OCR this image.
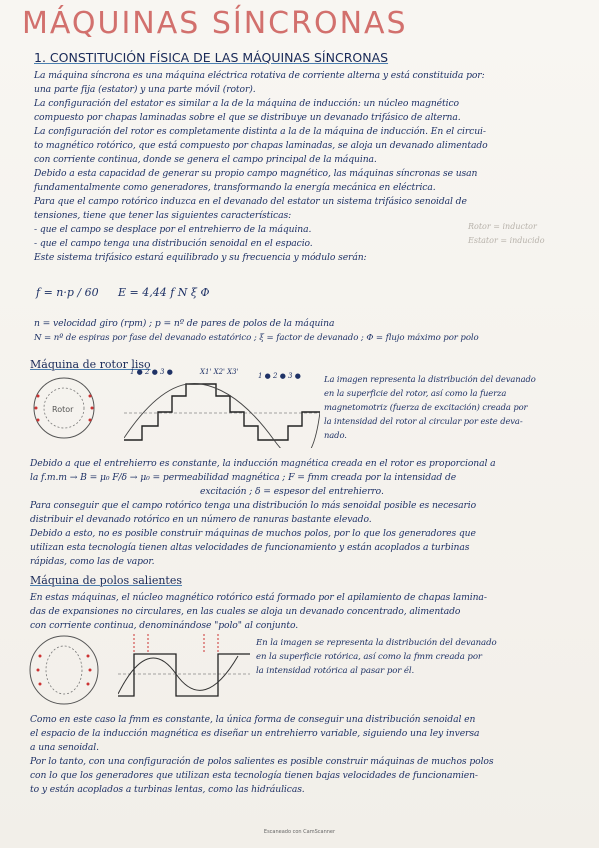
MÁQUINAS SÍNCRONAS
1. CONSTITUCIÓN FÍSICA DE LAS MÁQUINAS SÍNCRONAS
La máquina síncrona es una máquina eléctrica rotativa de corriente alterna y está constituida por:
una parte fija (estator) y una parte móvil (rotor).
La configuración del estator es similar a la de la máquina de inducción: un núcleo magnético
compuesto por chapas laminadas sobre el que se distribuye un devanado trifásico de alterna.
La configuración del rotor es completamente distinta a la de la máquina de inducción. En el circui-
to magnético rotórico, que está compuesto por chapas laminadas, se aloja un devanado alimentado
con corriente continua, donde se genera el campo principal de la máquina.
Debido a esta capacidad de generar su propio campo magnético, las máquinas síncronas se usan
fundamentalmente como generadores, transformando la energía mecánica en eléctrica.
Para que el campo rotórico induzca en el devanado del estator un sistema trifásico senoidal de
tensiones, tiene que tener las siguientes características:
- que el campo se desplace por el entrehierro de la máquina.
- que el campo tenga una distribución senoidal en el espacio.
Este sistema trifásico estará equilibrado y su frecuencia y módulo serán:
Rotor = inductor
Estator = inducido
f = n·p / 60 E = 4,44 f N ξ Φ
n = velocidad giro (rpm) ; p = nº de pares de polos de la máquina
N = nº de espiras por fase del devanado estatórico ; ξ = factor de devanado ; Φ = flujo máximo por polo
Máquina de rotor liso
Rotor
1 ● 2 ● 3 ●	X1' X2' X3'	1 ● 2 ● 3 ●	La imagen representa la distribución del devanado
en la superficie del rotor, así como la fuerza
magnetomotriz (fuerza de excitación) creada por
la intensidad del rotor al circular por este deva-
nado.
Debido a que el entrehierro es constante, la inducción magnética creada en el rotor es proporcional a
la f.m.m → B = μ₀ F/δ → μ₀ = permeabilidad magnética ; F = fmm creada por la intensidad de
excitación ; δ = espesor del entrehierro.
Para conseguir que el campo rotórico tenga una distribución lo más senoidal posible es necesario
distribuir el devanado rotórico en un número de ranuras bastante elevado.
Debido a esto, no es posible construir máquinas de muchos polos, por lo que los generadores que
utilizan esta tecnología tienen altas velocidades de funcionamiento y están acoplados a turbinas
rápidas, como las de vapor.
Máquina de polos salientes
En estas máquinas, el núcleo magnético rotórico está formado por el apilamiento de chapas lamina-
das de expansiones no circulares, en las cuales se aloja un devanado concentrado, alimentado
con corriente continua, denominándose "polo" al conjunto.
En la imagen se representa la distribución del devanado
en la superficie rotórica, así como la fmm creada por
la intensidad rotórica al pasar por él.
Como en este caso la fmm es constante, la única forma de conseguir una distribución senoidal en
el espacio de la inducción magnética es diseñar un entrehierro variable, siguiendo una ley inversa
a una senoidal.
Por lo tanto, con una configuración de polos salientes es posible construir máquinas de muchos polos
con lo que los generadores que utilizan esta tecnología tienen bajas velocidades de funcionamien-
to y están acoplados a turbinas lentas, como las hidráulicas.
Escaneado con CamScanner
